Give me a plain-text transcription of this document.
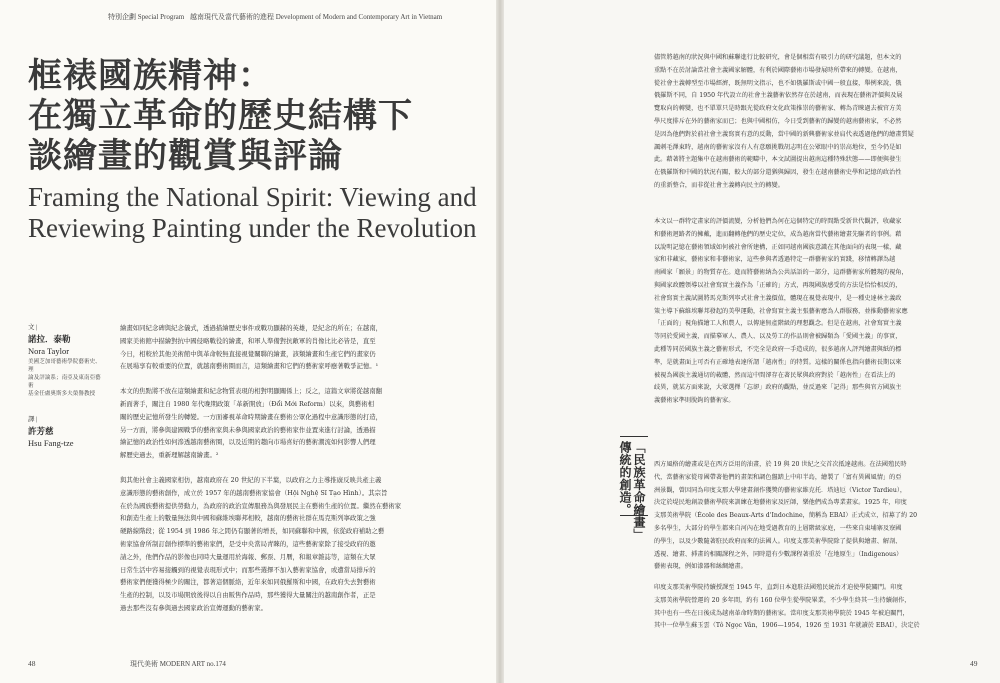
特別企劃 Special Program 越南現代及當代藝術的進程 Development of Modern and Contemporary Art in Vietnam
框裱國族精神：
在獨立革命的歷史結構下
談繪畫的觀賞與評論
Framing the National Spirit: Viewing and
Reviewing Painting under the Revolution
文 |
諾拉．泰勒
Nora Taylor
美國芝加哥藝術學院藝術史、理
論及評論系；南亞及東南亞藝術
基金任盧奧斯多夫榮譽教授
譯 |
許芳慈
Hsu Fang-tze
繪畫如同紀念碑與紀念儀式，透過描繪歷史事件或戰功顯赫的英雄，是紀念的所在；在越南，
國家美術館中描繪對抗中國侵略戰役的繪畫，和軍人準備對抗敵軍的肖像比比必皆是，直至
今日，相較於其他美術館中與革命較無直接視覺關聯的繪畫，該類繪畫和生產它們的畫家仍
在展場享有較重要的位置，就越南藝術圈而言，這類繪畫和它們的藝術家呼應著戰爭記憶。¹
本文的焦點將不放在這類繪畫和紀念物質表現的相對明顯關係上；反之，這篇文章將從越南翻
新面著手，關注自 1980 年代晚期政策「革新開放」（Đổi Mới Reform）以來，與藝術相
關的歷史記憶所發生的轉變。一方面審視革命時期繪畫在藝術公眾化過程中意識形態的打造，
另一方面，將參與建國戰爭的藝術家與未參與國家政治的藝術家作並置來進行討論，透過描
繪記憶的政治性如何滲透越南藝術圈，以及近期的趨向市場喜好的藝術潮流如何影響人們理
解歷史過去，重新理解越南繪畫。²
與其他社會主義國家相仿，越南政府在 20 世紀的下半葉，以政府之力主導推廣反映共產主義
意識形態的藝術創作，成立於 1957 年的越南藝術家協會（Hội Nghệ Sĩ Tạo Hình）。其宗旨
在於為國族藝術提供勞動力，為政府的政治宣傳服務為與發展民主在藝術生產的位置。繼然在藝術家
和創造生產上的數量無法與中國和蘇維埃聯邦相較，越南的藝術社群在馬克斯列寧政策之強
硬路線階段；從 1954 到 1986 年之間仍有顯著的增長，如同蘇聯和中國，依從政府補助之藝
術家協會所制訂創作標準的藝術家們，是受中央當局青睞的，這些藝術家除了接受政府的邀
請之外，他們作品的影像也同時大量運用於海報、郵票、月曆，和報章雜誌等，這類在大眾
日常生活中容易接觸到的視覺表現形式中；而那些選擇不加入藝術家協會，或遭當局排斥的
藝術家們便獲得極少的關注，都著這個脈絡，近年來如同俄羅斯和中國，在政府失去對藝術
生產的控制，以及市場開放後得以自由販售作品時，那些獲得大量關注的越南創作者，正是
過去那些沒有參與過去國家政治宣傳運動的藝術家。
48	現代美術 MODERN ART no.174
儘管將越南的狀況與中國和蘇聯進行比較研究，會是個相當有吸引力的研究議題，但本文的
重點不在於討論當社會主義國家解體，有利於國際藝術市場發展時所帶來的轉變。在越南，
從社會主義轉型至市場經濟，既無明文指示，也不如俄羅斯或中國一般直接，舉例來說，俄
俄羅斯不同，自 1950 年代設立的社會主義藝術依然存在於越南，而表現在藝術評價與及展
覽取向的轉變，也不單單只是時跟光從政府文化政策推崇的藝術家、轉為青睞過去被官方美
學尺度排斥在外的藝術家而已；也與中國相仿，今日受到藝術的歸變的越南藝術家，不必然
是因為他們對於前社會主義寫實有意的反動，當中國的新興藝術家並肩代表透過他們的繪畫質疑
諷刺毛澤東時，越南的藝術家沒有人有意願挑戰胡志明在公眾眼中的崇高地位，至今仍是如
此。藉著將主題集中在越南藝術的範疇中，本文試圖提出越南這種特殊狀態——即便與發生
在俄羅斯和中國的狀況有關，較大的部分還猶與歸因，發生在越南藝術史學和記憶的政治性
的重新整合，而非從社會主義轉向民主的轉變。
本文以一群特定畫家的評價流變，分析他們為何在這個特定的時間點受新世代觀評，收藏家
和藝術迴路者的擁戴，進而翻轉他們的歷史定位，成為越南當代藝術繪畫先驅者的事例。藉
以說明記憶在藝術領域如何被社會所建構，正如同越南國族意識在其他面向的表現一樣，藏
家和非藏家，藝術家和非藝術家，這些參與者透過特定一群藝術家的實踐，移情轉譯為越
南國家「願景」的物質存在。進而將藝術納為公共話語的一部分，這群藝術家所體現的視角，
與國家政體領導以社會寫實主義作為「正確的」方式，再現國族感受的方法是恰恰相反的，
社會寫實主義試圖將馬克斯列寧式社會主義價值，體現在視覺表現中，是一種史達林主義政
策主導下蘇維埃聯邦發起的美學運動，社會寫實主義主張藝術應為人群服務，並推動藝術家應
「正面的」視角描繪工人和農人，以傳達無產階級的理想觀念。但是在越南，社會寫實主義
等同於愛國主義，而描摹軍人、農人、以及勞工的作品則會被歸類為「愛國主義」的事實，
此種等同於國族主義之藝術形式，不完全是政府一手造成的，很多越南人評判繪畫與紙的標
準，是就畫面上可否有正確地表達所謂「越南性」的特質。這樣的關係也指向藝術長期以來
被視為國族主義通切的載體，然而這中間卻存在著民眾與政府對於「越南性」在看法上的
歧異，就某方面來說，大眾選擇「忘卻」政府的觀點，並反過來「記得」那些與官方國族主
義藝術家準則脫鉤的藝術家。
「民族革命繪畫」
傳統的創造。	西方風格的繪畫或是在西方泛用的油畫，於 19 與 20 世紀之交首次抵達越南。在法國殖民時
代，當藝術家從母國帶著他們的畫架和調色盤踏上中印半島，繪製了「富有異國風情」的亞
洲景觀，曾因同為印度支那大學建畫創作獲獎的藝術家維克托．塔迪厄（Victor Tardieu），
決定於堤民地創設藝術學院來訓練在地藝術家及匠師，樂他們成為專業畫家。1925 年，印度
支那美術學院（École des Beaux-Arts d'Indochine，簡稱為 EBAI）正式成立，招募了約 20
多名學生，大部分的學生都來自河內在地受過教育的上層階級家庭，一些來自東埔寨及寮國
的學生，以及少數隨著駐民政府而來的法國人。印度支那美術學院除了提供與繪畫、解剖、
透視、繪畫、挿畫的相關課程之外，同時還有少數課程著重於「在地原生」（Indigenous）
藝術表現，例如漆器和絲綢繪畫。
印度支那美術學院持續授課至 1945 年，直到日本進駐法國殖民統治才迫使學院關門。印度
支那美術學院營運的 20 多年間，約有 160 位學生從學院畢業，不少學生終其一生持續創作，
其中也有一些在日後成為越南革命時期的藝術家。當印度支那美術學院於 1945 年被迫關門，
其中一位學生蘇玉雲（Tô Ngọc Vân，1906—1954，1926 至 1931 年就讀於 EBAI），決定於
49
